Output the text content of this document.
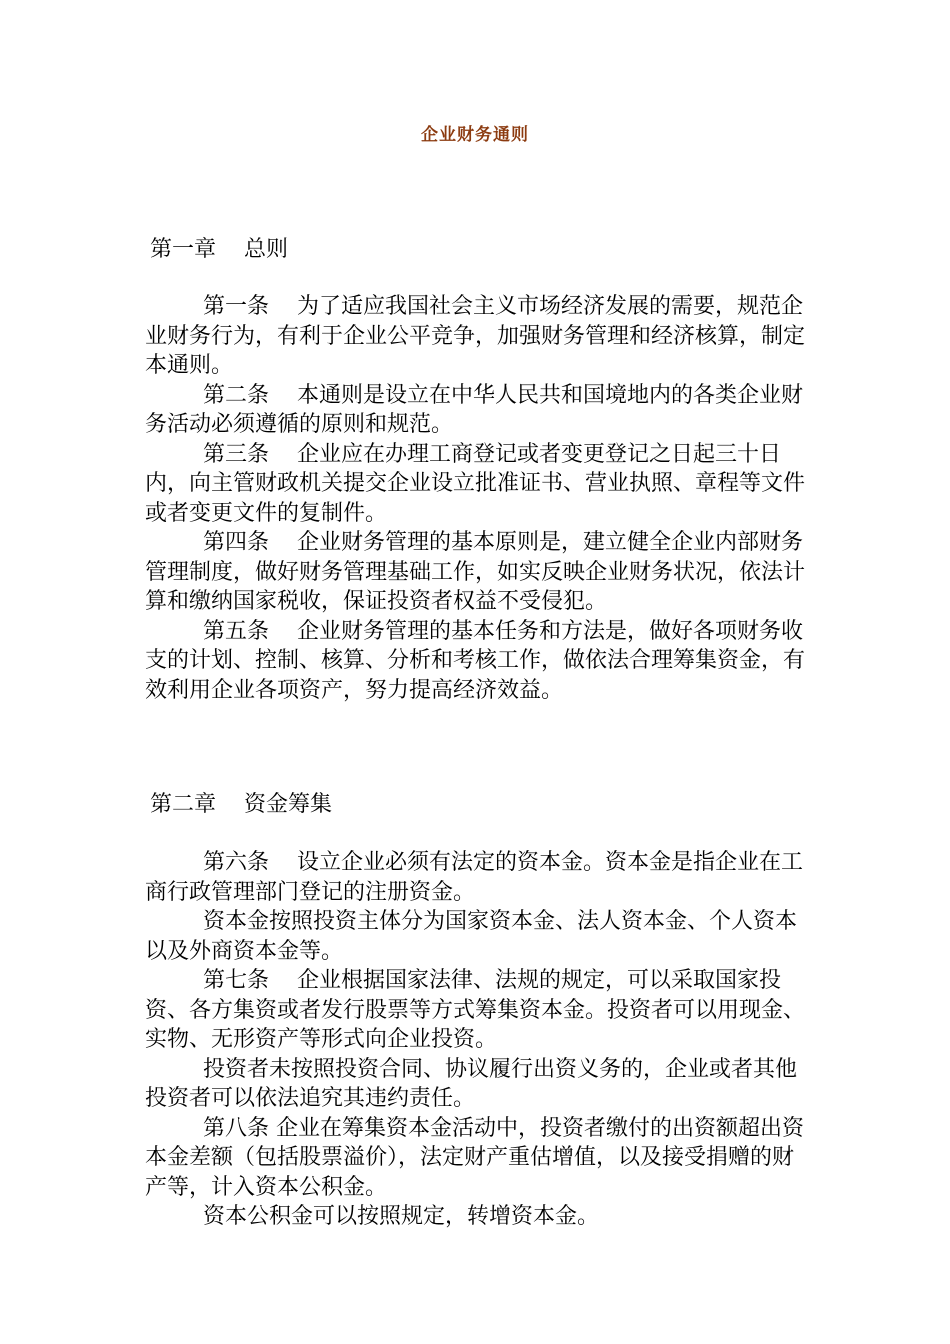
企业财务通则
第一章    总则

第一条 为了适应我国社会主义市场经济发展的需要，规范企业财务行为，有利于企业公平竞争，加强财务管理和经济核算，制定本通则。

第二条 本通则是设立在中华人民共和国境地内的各类企业财务活动必须遵循的原则和规范。

第三条 企业应在办理工商登记或者变更登记之日起三十日内，向主管财政机关提交企业设立批准证书、营业执照、章程等文件或者变更文件的复制件。

第四条 企业财务管理的基本原则是，建立健全企业内部财务管理制度，做好财务管理基础工作，如实反映企业财务状况，依法计算和缴纳国家税收，保证投资者权益不受侵犯。

第五条 企业财务管理的基本任务和方法是，做好各项财务收支的计划、控制、核算、分析和考核工作，做依法合理筹集资金，有效利用企业各项资产，努力提高经济效益。

第二章    资金筹集

第六条 设立企业必须有法定的资本金。资本金是指企业在工商行政管理部门登记的注册资金。

资本金按照投资主体分为国家资本金、法人资本金、个人资本以及外商资本金等。

第七条 企业根据国家法律、法规的规定，可以采取国家投资、各方集资或者发行股票等方式筹集资本金。投资者可以用现金、实物、无形资产等形式向企业投资。

投资者未按照投资合同、协议履行出资义务的，企业或者其他投资者可以依法追究其违约责任。

第八条 企业在筹集资本金活动中，投资者缴付的出资额超出资本金差额（包括股票溢价），法定财产重估增值，以及接受捐赠的财产等，计入资本公积金。

资本公积金可以按照规定，转增资本金。
